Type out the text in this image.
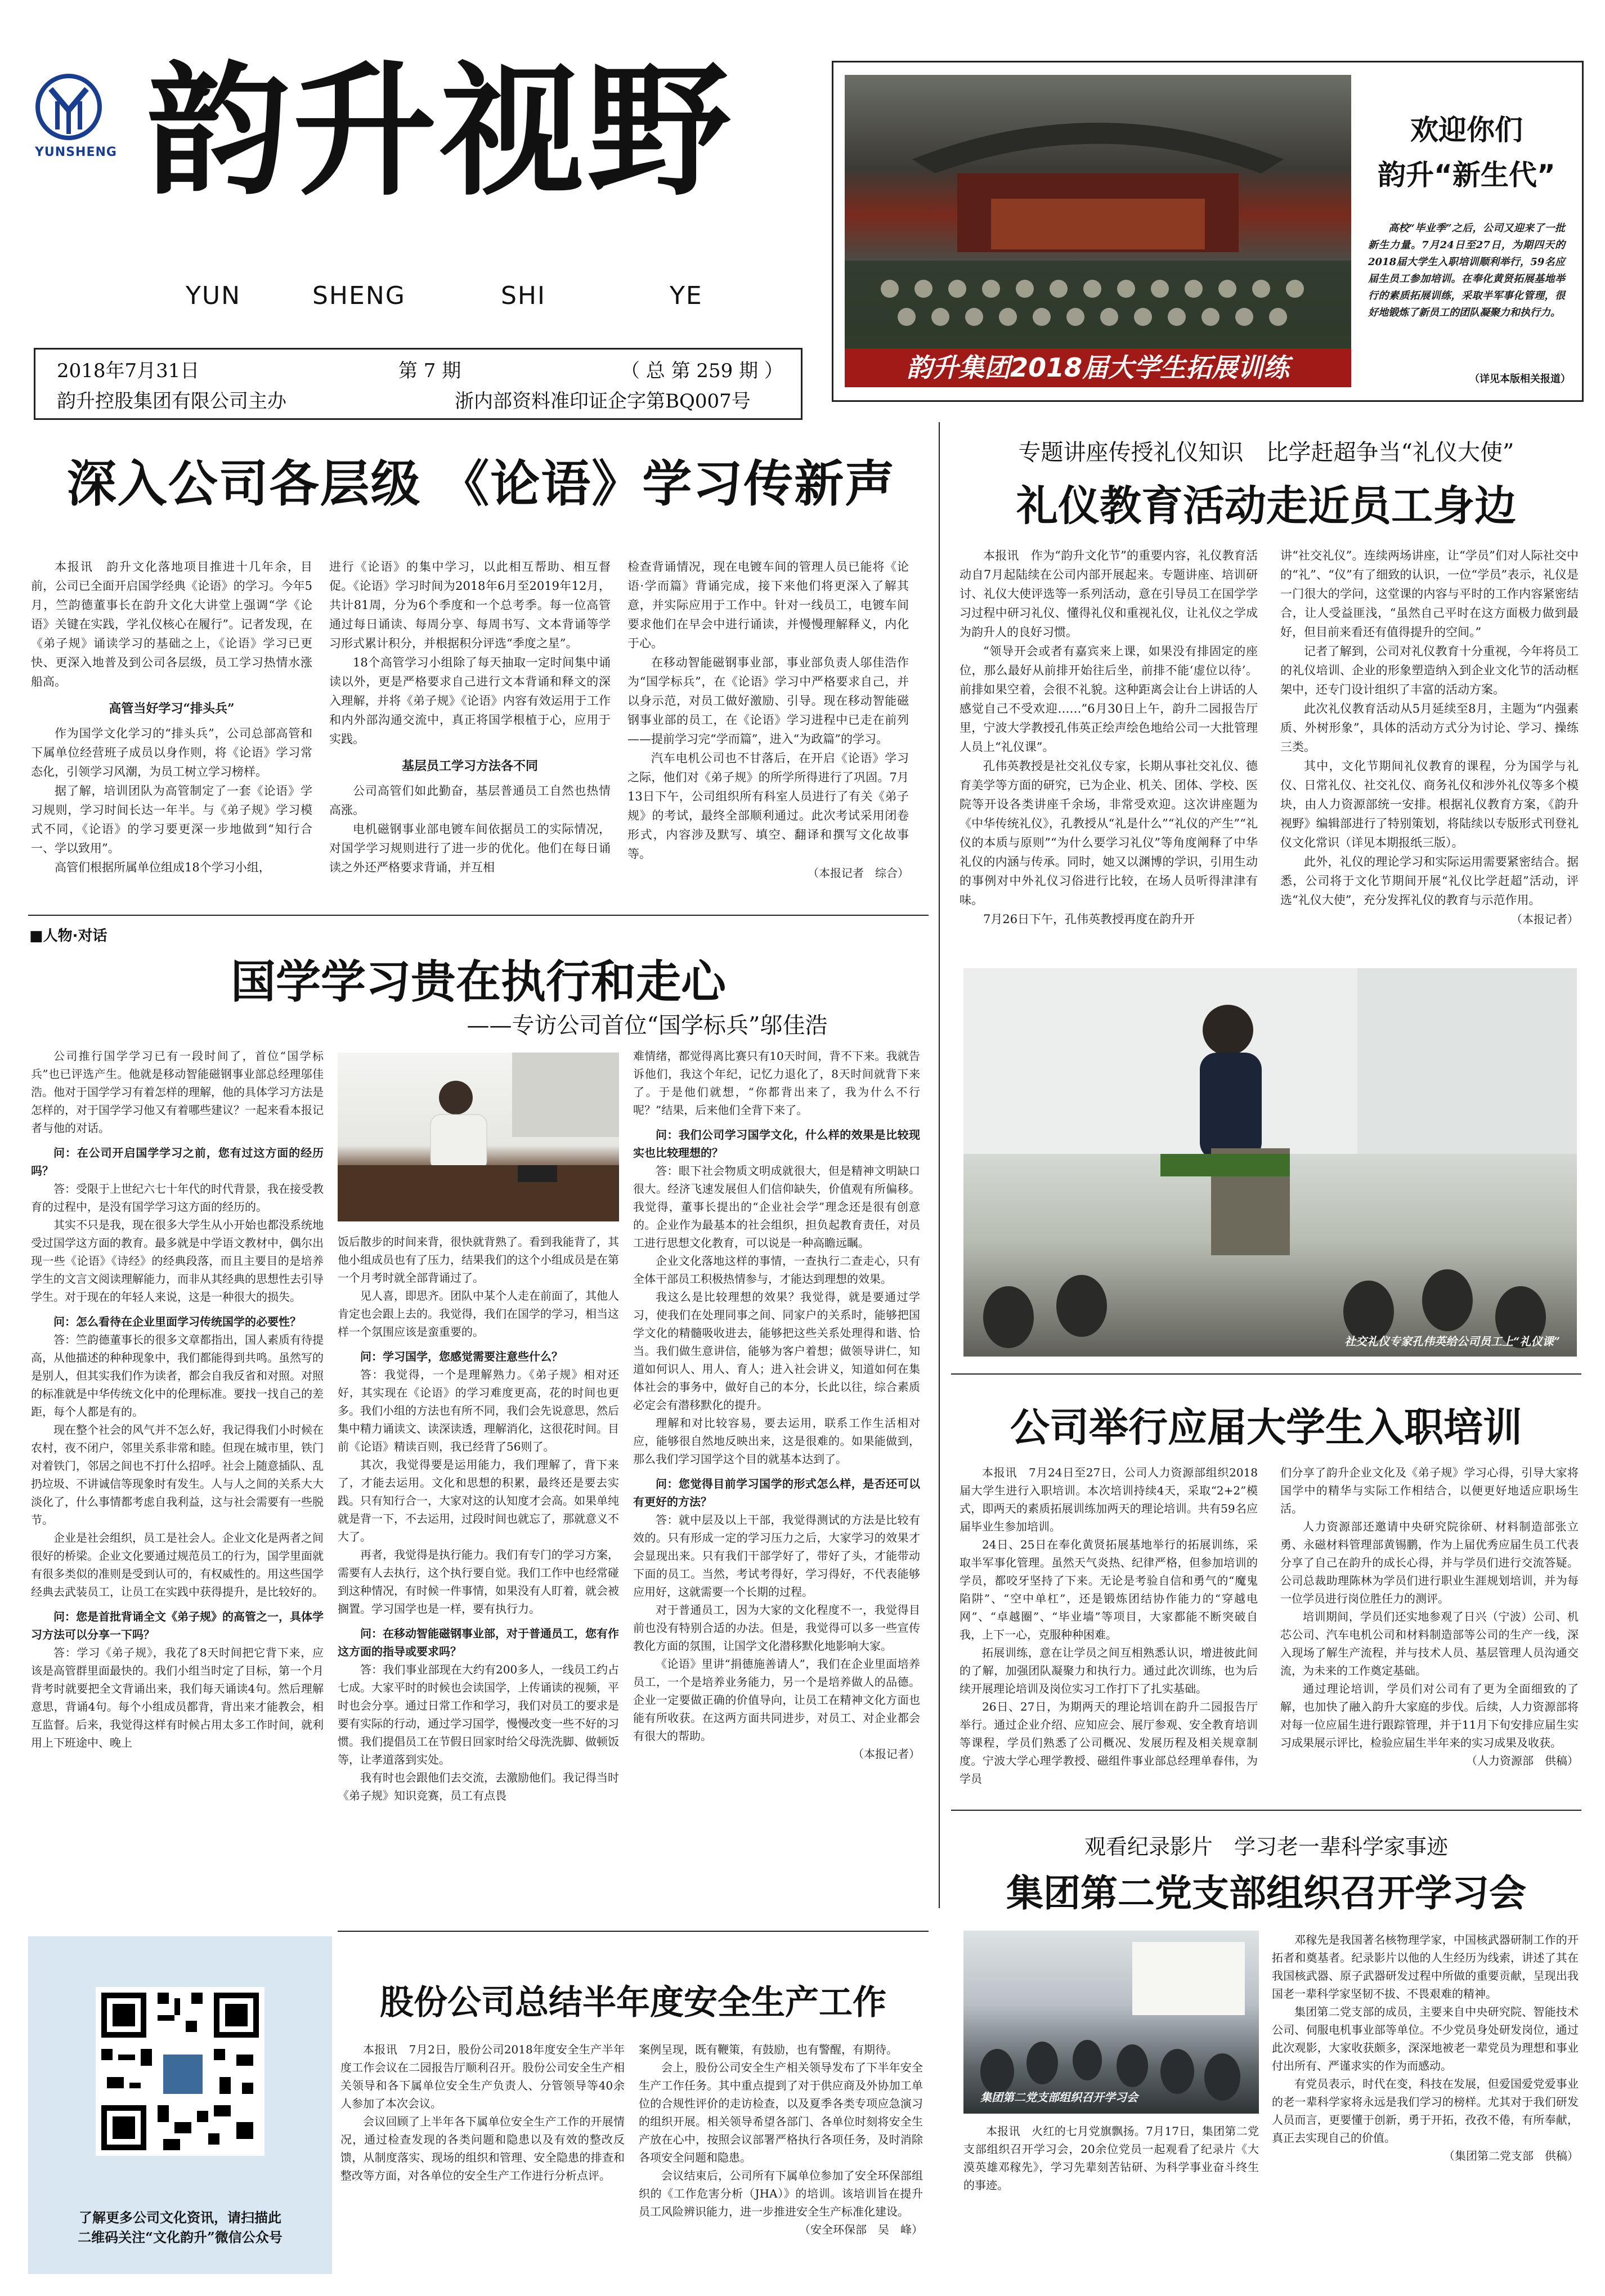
YUNSHENG 韵升视野
YUN	SHENG	SHI	YE
2018年7月31日	第 7 期	（ 总 第 259 期 ）
韵升控股集团有限公司主办	浙内部资料准印证企字第BQ007号
韵升集团2018届大学生拓展训练
欢迎你们
韵升“新生代”

高校“毕业季”之后，公司又迎来了一批新生力量。7月24日至27日，为期四天的2018届大学生入职培训顺利举行，59名应届生员工参加培训。在奉化黄贤拓展基地举行的素质拓展训练，采取半军事化管理，很好地锻炼了新员工的团队凝聚力和执行力。

（详见本版相关报道）
深入公司各层级 《论语》学习传新声

本报讯　韵升文化落地项目推进十几年余，目前，公司已全面开启国学经典《论语》的学习。今年5月，竺韵德董事长在韵升文化大讲堂上强调“学《论语》关键在实践，学礼仪核心在履行”。记者发现，在《弟子规》诵读学习的基础之上，《论语》学习已更快、更深入地普及到公司各层级，员工学习热情水涨船高。

高管当好学习“排头兵”

作为国学文化学习的“排头兵”，公司总部高管和下属单位经营班子成员以身作则，将《论语》学习常态化，引领学习风潮，为员工树立学习榜样。

据了解，培训团队为高管制定了一套《论语》学习规则，学习时间长达一年半。与《弟子规》学习模式不同，《论语》的学习要更深一步地做到“知行合一、学以致用”。

高管们根据所属单位组成18个学习小组，

进行《论语》的集中学习，以此相互帮助、相互督促。《论语》学习时间为2018年6月至2019年12月，共计81周，分为6个季度和一个总考季。每一位高管通过每日诵读、每周分享、每周书写、文本背诵等学习形式累计积分，并根据积分评选“季度之星”。

18个高管学习小组除了每天抽取一定时间集中诵读以外，更是严格要求自己进行文本背诵和释文的深入理解，并将《弟子规》《论语》内容有效运用于工作和内外部沟通交流中，真正将国学根植于心，应用于实践。

基层员工学习方法各不同

公司高管们如此勤奋，基层普通员工自然也热情高涨。

电机磁钢事业部电镀车间依据员工的实际情况，对国学学习规则进行了进一步的优化。他们在每日诵读之外还严格要求背诵，并互相

检查背诵情况，现在电镀车间的管理人员已能将《论语·学而篇》背诵完成，接下来他们将更深入了解其意，并实际应用于工作中。针对一线员工，电镀车间要求他们在早会中进行诵读，并慢慢理解释义，内化于心。

在移动智能磁钢事业部，事业部负责人邬佳浩作为“国学标兵”，在《论语》学习中严格要求自己，并以身示范，对员工做好激励、引导。现在移动智能磁钢事业部的员工，在《论语》学习进程中已走在前列——提前学习完“学而篇”，进入“为政篇”的学习。

汽车电机公司也不甘落后，在开启《论语》学习之际，他们对《弟子规》的所学所得进行了巩固。7月13日下午，公司组织所有科室人员进行了有关《弟子规》的考试，最终全部顺利通过。此次考试采用闭卷形式，内容涉及默写、填空、翻译和撰写文化故事等。

（本报记者　综合）
专题讲座传授礼仪知识　比学赶超争当“礼仪大使”
礼仪教育活动走近员工身边

本报讯　作为“韵升文化节”的重要内容，礼仪教育活动自7月起陆续在公司内部开展起来。专题讲座、培训研讨、礼仪大使评选等一系列活动，意在引导员工在国学学习过程中研习礼仪、懂得礼仪和重视礼仪，让礼仪之学成为韵升人的良好习惯。

“领导开会或者有嘉宾来上课，如果没有排固定的座位，那么最好从前排开始往后坐，前排不能‘虚位以待’。前排如果空着，会很不礼貌。这种距离会让台上讲话的人感觉自己不受欢迎……”6月30日上午，韵升二园报告厅里，宁波大学教授孔伟英正绘声绘色地给公司一大批管理人员上“礼仪课”。

孔伟英教授是社交礼仪专家，长期从事社交礼仪、德育美学等方面的研究，已为企业、机关、团体、学校、医院等开设各类讲座千余场，非常受欢迎。这次讲座题为《中华传统礼仪》，孔教授从“礼是什么”“礼仪的产生”“礼仪的本质与原则”“为什么要学习礼仪”等角度阐释了中华礼仪的内涵与传承。同时，她又以渊博的学识，引用生动的事例对中外礼仪习俗进行比较，在场人员听得津津有味。

7月26日下午，孔伟英教授再度在韵升开

讲“社交礼仪”。连续两场讲座，让“学员”们对人际社交中的“礼”、“仪”有了细致的认识，一位“学员”表示，礼仪是一门很大的学问，这堂课的内容与平时的工作内容紧密结合，让人受益匪浅，“虽然自己平时在这方面极力做到最好，但目前来看还有值得提升的空间。”

记者了解到，公司对礼仪教育十分重视，今年将员工的礼仪培训、企业的形象塑造纳入到企业文化节的活动框架中，还专门设计组织了丰富的活动方案。

此次礼仪教育活动从5月延续至8月，主题为“内强素质、外树形象”，具体的活动方式分为讨论、学习、操练三类。

其中，文化节期间礼仪教育的课程，分为国学与礼仪、日常礼仪、社交礼仪、商务礼仪和涉外礼仪等多个模块，由人力资源部统一安排。根据礼仪教育方案，《韵升视野》编辑部进行了特别策划，将陆续以专版形式刊登礼仪文化常识（详见本期报纸三版）。

此外，礼仪的理论学习和实际运用需要紧密结合。据悉，公司将于文化节期间开展“礼仪比学赶超”活动，评选“礼仪大使”，充分发挥礼仪的教育与示范作用。

（本报记者）
社交礼仪专家孔伟英给公司员工上“礼仪课”
■人物·对话
国学学习贵在执行和走心
——专访公司首位“国学标兵”邬佳浩

公司推行国学学习已有一段时间了，首位“国学标兵”也已评选产生。他就是移动智能磁钢事业部总经理邬佳浩。他对于国学学习有着怎样的理解，他的具体学习方法是怎样的，对于国学学习他又有着哪些建议？一起来看本报记者与他的对话。

问：在公司开启国学学习之前，您有过这方面的经历吗？

答：受限于上世纪六七十年代的时代背景，我在接受教育的过程中，是没有国学学习这方面的经历的。

其实不只是我，现在很多大学生从小开始也都没系统地受过国学这方面的教育。最多就是中学语文教材中，偶尔出现一些《论语》《诗经》的经典段落，而且主要目的是培养学生的文言文阅读理解能力，而非从其经典的思想性去引导学生。对于现在的年轻人来说，这是一种很大的损失。

问：怎么看待在企业里面学习传统国学的必要性？

答：竺韵德董事长的很多文章都指出，国人素质有待提高，从他描述的种种现象中，我们都能得到共鸣。虽然写的是别人，但其实我们作为读者，都会自我反省和对照。对照的标准就是中华传统文化中的伦理标准。要找一找自己的差距，每个人都是有的。

现在整个社会的风气并不怎么好，我记得我们小时候在农村，夜不闭户，邻里关系非常和睦。但现在城市里，铁门对着铁门，邻居之间也不打什么招呼。社会上随意插队、乱扔垃圾、不讲诚信等现象时有发生。人与人之间的关系大大淡化了，什么事情都考虑自我利益，这与社会需要有一些脱节。

企业是社会组织，员工是社会人。企业文化是两者之间很好的桥梁。企业文化要通过规范员工的行为，国学里面就有很多类似的准则是受到认可的，有权威性的。用这些国学经典去武装员工，让员工在实践中获得提升，是比较好的。

问：您是首批背诵全文《弟子规》的高管之一，具体学习方法可以分享一下吗？

答：学习《弟子规》，我花了8天时间把它背下来，应该是高管群里面最快的。我们小组当时定了目标，第一个月背考时就要把全文背诵出来，我们每天诵读4句。然后理解意思，背诵4句。每个小组成员都背，背出来才能教会，相互监督。后来，我觉得这样有时候占用太多工作时间，就利用上下班途中、晚上

饭后散步的时间来背，很快就背熟了。看到我能背了，其他小组成员也有了压力，结果我们的这个小组成员是在第一个月考时就全部背诵过了。

见人喜，即思齐。团队中某个人走在前面了，其他人肯定也会跟上去的。我觉得，我们在国学的学习，相当这样一个氛围应该是蛮重要的。

问：学习国学，您感觉需要注意些什么？

答：我觉得，一个是理解熟力。《弟子规》相对还好，其实现在《论语》的学习难度更高，花的时间也更多。我们小组的方法也有所不同，我们会先说意思，然后集中精力诵读文、读深读透，理解消化，这很花时间。目前《论语》精读百则，我已经背了56则了。

其次，我觉得要是运用能力，我们理解了，背下来了，才能去运用。文化和思想的积累，最终还是要去实践。只有知行合一，大家对这的认知度才会高。如果单纯就是背一下，不去运用，过段时间也就忘了，那就意义不大了。

再者，我觉得是执行能力。我们有专门的学习方案，需要有人去执行，这个执行要自觉。我们工作中也经常碰到这种情况，有时候一件事情，如果没有人盯着，就会被搁置。学习国学也是一样，要有执行力。

问：在移动智能磁钢事业部，对于普通员工，您有作这方面的指导或要求吗？

答：我们事业部现在大约有200多人，一线员工约占七成。大家平时的时候也会读国学，上传诵读的视频，平时也会分享。通过日常工作和学习，我们对员工的要求是要有实际的行动，通过学习国学，慢慢改变一些不好的习惯。我们提倡员工在节假日回家时给父母洗洗脚、做顿饭等，让孝道落到实处。

我有时也会跟他们去交流，去激励他们。我记得当时《弟子规》知识竞赛，员工有点畏

难情绪，都觉得离比赛只有10天时间，背不下来。我就告诉他们，我这个年纪，记忆力退化了，8天时间就背下来了。于是他们就想，“你都背出来了，我为什么不行呢？”结果，后来他们全背下来了。

问：我们公司学习国学文化，什么样的效果是比较现实也比较理想的？

答：眼下社会物质文明成就很大，但是精神文明缺口很大。经济飞速发展但人们信仰缺失，价值观有所偏移。我觉得，董事长提出的“企业社会学”理念还是很有创意的。企业作为最基本的社会组织，担负起教育责任，对员工进行思想文化教育，可以说是一种高瞻远瞩。

企业文化落地这样的事情，一查执行二查走心，只有全体干部员工积极热情参与，才能达到理想的效果。

我这么是比较理想的效果？我觉得，就是要通过学习，使我们在处理同事之间、同家户的关系时，能够把国学文化的精髓吸收进去，能够把这些关系处理得和谐、恰当。我们做生意讲信，能够为客户着想；做领导讲仁，知道如何识人、用人、育人；进入社会讲义，知道如何在集体社会的事务中，做好自己的本分，长此以往，综合素质必定会有潜移默化的提升。

理解和对比较容易，要去运用，联系工作生活相对应，能够很自然地反映出来，这是很难的。如果能做到，那么我们学习国学这个目的就基本达到了。

问：您觉得目前学习国学的形式怎么样，是否还可以有更好的方法？

答：就中层及以上干部，我觉得测试的方法是比较有效的。只有形成一定的学习压力之后，大家学习的效果才会显现出来。只有我们干部学好了，带好了头，才能带动下面的员工。当然，考试考得好，学习得好，不代表能够应用好，这就需要一个长期的过程。

对于普通员工，因为大家的文化程度不一，我觉得目前也没有特别合适的办法。但是，我觉得可以多一些宣传教化方面的氛围，让国学文化潜移默化地影响大家。

《论语》里讲“捐德施善请人”，我们在企业里面培养员工，一个是培养业务能力，另一个是培养做人的品德。企业一定要做正确的价值导向，让员工在精神文化方面也能有所收获。在这两方面共同进步，对员工、对企业都会有很大的帮助。

（本报记者）
公司举行应届大学生入职培训

本报讯　7月24日至27日，公司人力资源部组织2018届大学生进行入职培训。本次培训持续4天，采取“2+2”模式，即两天的素质拓展训练加两天的理论培训。共有59名应届毕业生参加培训。

24日、25日在奉化黄贤拓展基地举行的拓展训练，采取半军事化管理。虽然天气炎热、纪律严格，但参加培训的学员，都咬牙坚持了下来。无论是考验自信和勇气的“魔鬼陷阱”、“空中单杠”，还是锻炼团结协作能力的“穿越电网”、“卓越圈”、“毕业墙”等项目，大家都能不断突破自我，上下一心，克服种种困难。

拓展训练，意在让学员之间互相熟悉认识，增进彼此间的了解，加强团队凝聚力和执行力。通过此次训练，也为后续开展理论培训及岗位实习工作打下了扎实基础。

26日、27日，为期两天的理论培训在韵升二园报告厅举行。通过企业介绍、应知应会、展厅参观、安全教育培训等课程，学员们熟悉了公司概况、发展历程及相关规章制度。宁波大学心理学教授、磁组件事业部总经理单春伟，为学员

们分享了韵升企业文化及《弟子规》学习心得，引导大家将国学中的精华与实际工作相结合，以便更好地适应职场生活。

人力资源部还邀请中央研究院徐研、材料制造部张立勇、永磁材料管理部黄锡鹏，作为上届优秀应届生员工代表分享了自己在韵升的成长心得，并与学员们进行交流答疑。公司总裁助理陈林为学员们进行职业生涯规划培训，并为每一位学员进行岗位胜任力的测评。

培训期间，学员们还实地参观了日兴（宁波）公司、机芯公司、汽车电机公司和材料制造部等公司的生产一线，深入现场了解生产流程，并与技术人员、基层管理人员沟通交流，为未来的工作奠定基础。

通过理论培训，学员们对公司有了更为全面细致的了解，也加快了融入韵升大家庭的步伐。后续，人力资源部将对每一位应届生进行跟踪管理，并于11月下旬安排应届生实习成果展示评比，检验应届生半年来的实习成果及收获。

（人力资源部　供稿）
了解更多公司文化资讯，请扫描此
二维码关注“文化韵升”微信公众号
股份公司总结半年度安全生产工作

本报讯　7月2日，股份公司2018年度安全生产半年度工作会议在二园报告厅顺利召开。股份公司安全生产相关领导和各下属单位安全生产负责人、分管领导等40余人参加了本次会议。

会议回顾了上半年各下属单位安全生产工作的开展情况，通过检查发现的各类问题和隐患以及有效的整改反馈，从制度落实、现场的组织和管理、安全隐患的排查和整改等方面，对各单位的安全生产工作进行分析点评。

案例呈现，既有鞭策，有鼓励，也有警醒，有期待。

会上，股份公司安全生产相关领导发布了下半年安全生产工作任务。其中重点提到了对于供应商及外协加工单位的合规性评价的走访检查，以及夏季各类专项应急演习的组织开展。相关领导希望各部门、各单位时刻将安全生产放在心中，按照会议部署严格执行各项任务，及时消除各项安全问题和隐患。

会议结束后，公司所有下属单位参加了安全环保部组织的《工作危害分析（JHA）》的培训。该培训旨在提升员工风险辨识能力，进一步推进安全生产标准化建设。

（安全环保部　吴　峰）
观看纪录影片　学习老一辈科学家事迹
集团第二党支部组织召开学习会
集团第二党支部组织召开学习会

邓稼先是我国著名核物理学家，中国核武器研制工作的开拓者和奠基者。纪录影片以他的人生经历为线索，讲述了其在我国核武器、原子武器研发过程中所做的重要贡献，呈现出我国老一辈科学家坚韧不拔、不畏艰难的精神。

集团第二党支部的成员，主要来自中央研究院、智能技术公司、伺服电机事业部等单位。不少党员身处研发岗位，通过此次观影，大家收获颇多，深深地被老一辈党员为理想和事业付出所有、严谨求实的作为而感动。

有党员表示，时代在变，科技在发展，但爱国爱党爱事业的老一辈科学家将永远是我们学习的榜样。尤其对于我们研发人员而言，更要懂于创新，勇于开拓，孜孜不倦，有所奉献，真正去实现自己的价值。

（集团第二党支部　供稿）

本报讯　火红的七月党旗飘扬。7月17日，集团第二党支部组织召开学习会，20余位党员一起观看了纪录片《大漠英雄邓稼先》，学习先辈刻苦钻研、为科学事业奋斗终生的事迹。
